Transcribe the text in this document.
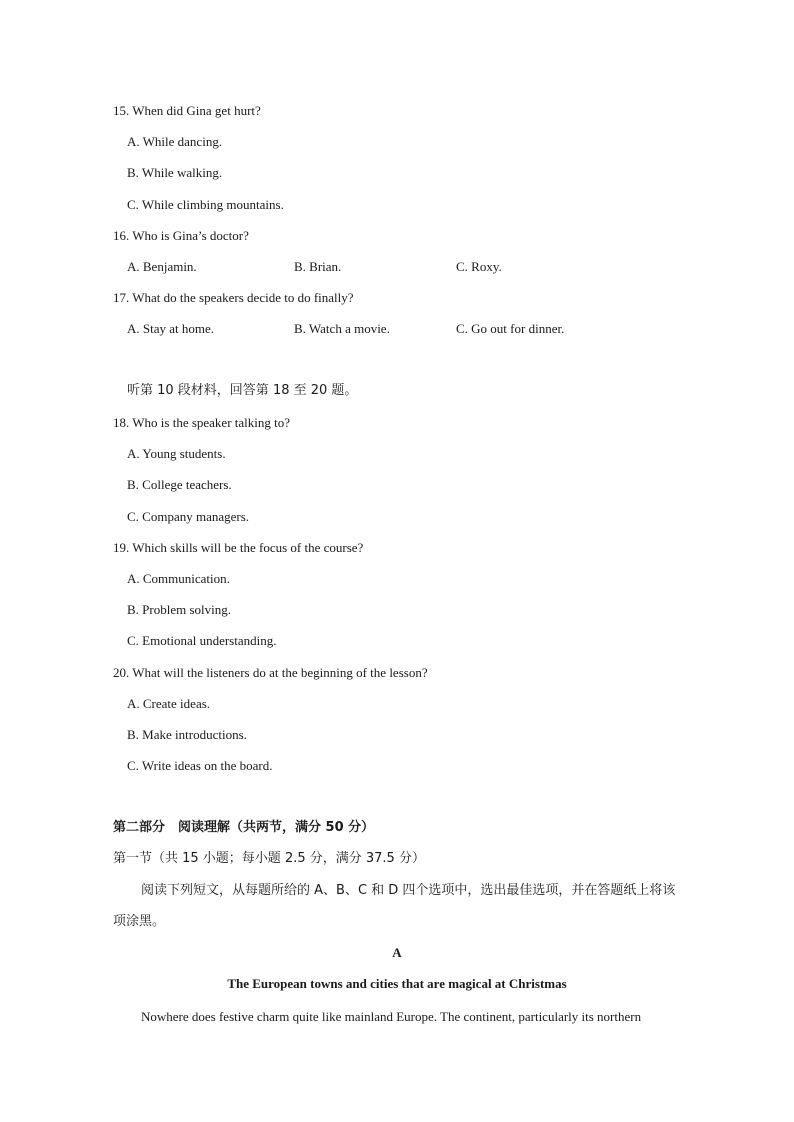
15. When did Gina get hurt?
A. While dancing.
B. While walking.
C. While climbing mountains.
16. Who is Gina’s doctor?
A. Benjamin.	B. Brian.	C. Roxy.
17. What do the speakers decide to do finally?
A. Stay at home.	B. Watch a movie.	C. Go out for dinner.
听第 10 段材料，回答第 18 至 20 题。
18. Who is the speaker talking to?
A. Young students.
B. College teachers.
C. Company managers.
19. Which skills will be the focus of the course?
A. Communication.
B. Problem solving.
C. Emotional understanding.
20. What will the listeners do at the beginning of the lesson?
A. Create ideas.
B. Make introductions.
C. Write ideas on the board.
第二部分　阅读理解（共两节，满分 50 分）
第一节（共 15 小题；每小题 2.5 分，满分 37.5 分）
阅读下列短文，从每题所给的 A、B、C 和 D 四个选项中，选出最佳选项，并在答题纸上将该项涂黑。
A
The European towns and cities that are magical at Christmas
Nowhere does festive charm quite like mainland Europe. The continent, particularly its northern
